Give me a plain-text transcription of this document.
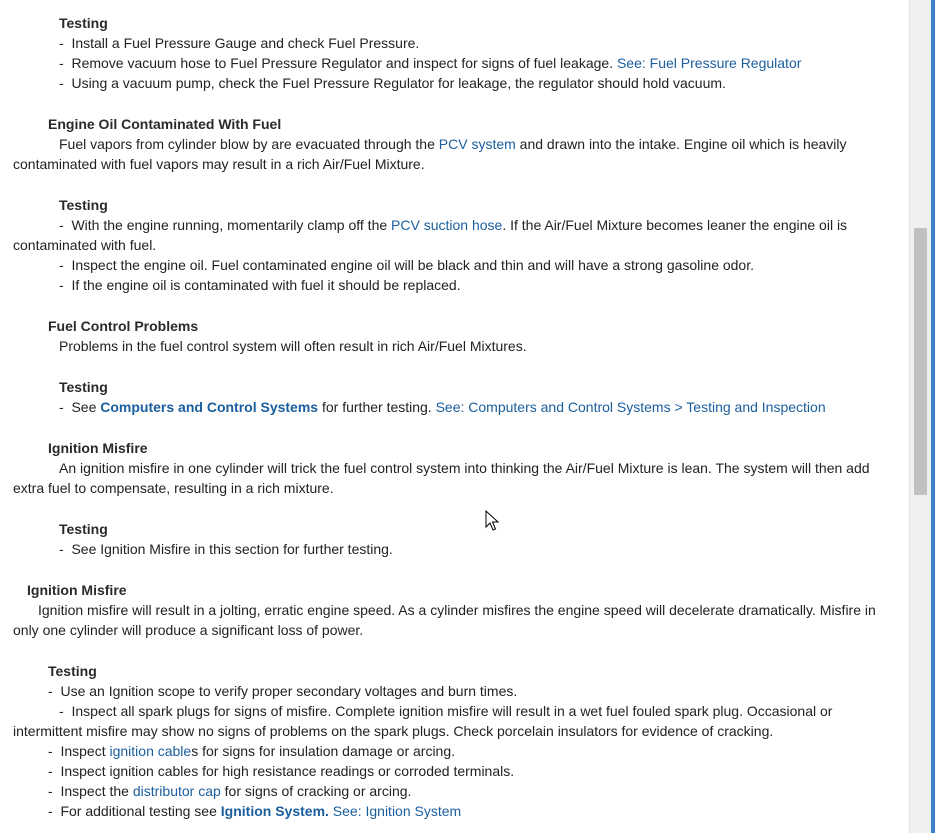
Testing
- Install a Fuel Pressure Gauge and check Fuel Pressure.
- Remove vacuum hose to Fuel Pressure Regulator and inspect for signs of fuel leakage. See: Fuel Pressure Regulator
- Using a vacuum pump, check the Fuel Pressure Regulator for leakage, the regulator should hold vacuum.
Engine Oil Contaminated With Fuel
Fuel vapors from cylinder blow by are evacuated through the PCV system and drawn into the intake. Engine oil which is heavily contaminated with fuel vapors may result in a rich Air/Fuel Mixture.
Testing
- With the engine running, momentarily clamp off the PCV suction hose. If the Air/Fuel Mixture becomes leaner the engine oil is contaminated with fuel.
- Inspect the engine oil. Fuel contaminated engine oil will be black and thin and will have a strong gasoline odor.
- If the engine oil is contaminated with fuel it should be replaced.
Fuel Control Problems
Problems in the fuel control system will often result in rich Air/Fuel Mixtures.
Testing
- See Computers and Control Systems for further testing. See: Computers and Control Systems > Testing and Inspection
Ignition Misfire
An ignition misfire in one cylinder will trick the fuel control system into thinking the Air/Fuel Mixture is lean. The system will then add extra fuel to compensate, resulting in a rich mixture.
Testing
- See Ignition Misfire in this section for further testing.
Ignition Misfire
Ignition misfire will result in a jolting, erratic engine speed. As a cylinder misfires the engine speed will decelerate dramatically. Misfire in only one cylinder will produce a significant loss of power.
Testing
- Use an Ignition scope to verify proper secondary voltages and burn times.
- Inspect all spark plugs for signs of misfire. Complete ignition misfire will result in a wet fuel fouled spark plug. Occasional or intermittent misfire may show no signs of problems on the spark plugs. Check porcelain insulators for evidence of cracking.
- Inspect ignition cables for signs for insulation damage or arcing.
- Inspect ignition cables for high resistance readings or corroded terminals.
- Inspect the distributor cap for signs of cracking or arcing.
- For additional testing see Ignition System. See: Ignition System
